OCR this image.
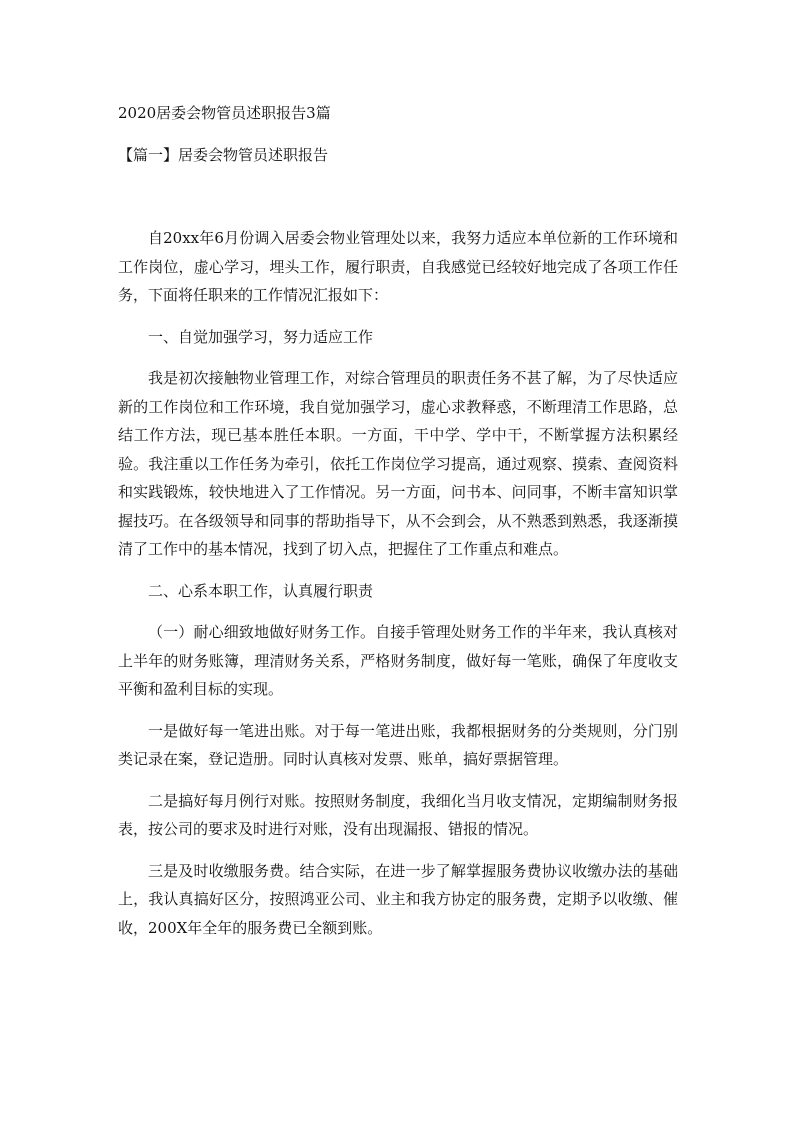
2020居委会物管员述职报告3篇

【篇一】居委会物管员述职报告

自20xx年6月份调入居委会物业管理处以来，我努力适应本单位新的工作环境和工作岗位，虚心学习，埋头工作，履行职责，自我感觉已经较好地完成了各项工作任务，下面将任职来的工作情况汇报如下：

一、自觉加强学习，努力适应工作

我是初次接触物业管理工作，对综合管理员的职责任务不甚了解，为了尽快适应新的工作岗位和工作环境，我自觉加强学习，虚心求教释惑，不断理清工作思路，总结工作方法，现已基本胜任本职。一方面，干中学、学中干，不断掌握方法积累经验。我注重以工作任务为牵引，依托工作岗位学习提高，通过观察、摸索、查阅资料和实践锻炼，较快地进入了工作情况。另一方面，问书本、问同事，不断丰富知识掌握技巧。在各级领导和同事的帮助指导下，从不会到会，从不熟悉到熟悉，我逐渐摸清了工作中的基本情况，找到了切入点，把握住了工作重点和难点。

二、心系本职工作，认真履行职责

（一）耐心细致地做好财务工作。自接手管理处财务工作的半年来，我认真核对上半年的财务账簿，理清财务关系，严格财务制度，做好每一笔账，确保了年度收支平衡和盈利目标的实现。

一是做好每一笔进出账。对于每一笔进出账，我都根据财务的分类规则，分门别类记录在案，登记造册。同时认真核对发票、账单，搞好票据管理。

二是搞好每月例行对账。按照财务制度，我细化当月收支情况，定期编制财务报表，按公司的要求及时进行对账，没有出现漏报、错报的情况。

三是及时收缴服务费。结合实际，在进一步了解掌握服务费协议收缴办法的基础上，我认真搞好区分，按照鸿亚公司、业主和我方协定的服务费，定期予以收缴、催收，200X年全年的服务费已全额到账。
